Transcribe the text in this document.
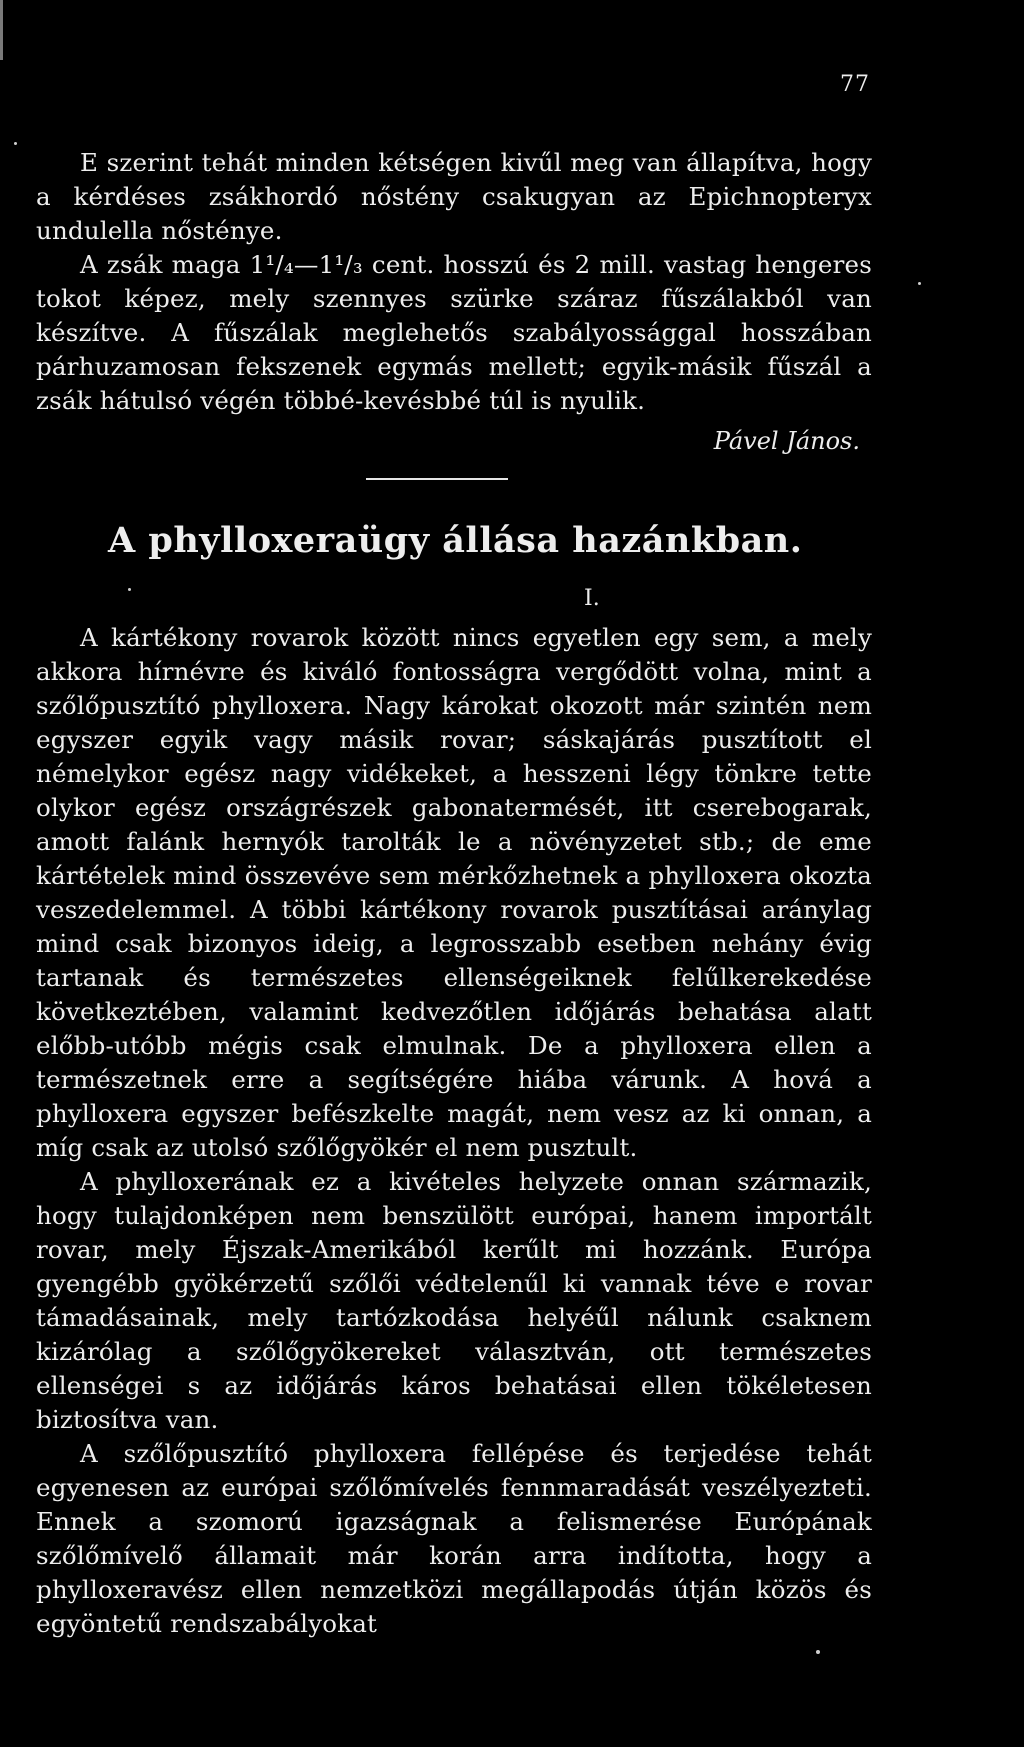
77

E szerint tehát minden kétségen kivűl meg van állapítva, hogy a kérdéses zsákhordó nőstény csakugyan az Epichnopteryx undulella nősténye.

A zsák maga 1¹/₄—1¹/₃ cent. hosszú és 2 mill. vastag hengeres tokot képez, mely szennyes szürke száraz fűszálakból van készítve. A fűszálak meglehetős szabályossággal hosszában párhuzamosan fekszenek egymás mellett; egyik-másik fűszál a zsák hátulsó végén többé-kevésbbé túl is nyulik.

Pável János.
A phylloxeraügy állása hazánkban.
I.

A kártékony rovarok között nincs egyetlen egy sem, a mely akkora hírnévre és kiváló fontosságra vergődött volna, mint a szőlőpusztító phylloxera. Nagy károkat okozott már szintén nem egyszer egyik vagy másik rovar; sáskajárás pusztított el némelykor egész nagy vidékeket, a hesszeni légy tönkre tette olykor egész országrészek gabonatermését, itt cserebogarak, amott falánk hernyók tarolták le a növényzetet stb.; de eme kártételek mind összevéve sem mérkőzhetnek a phylloxera okozta veszedelemmel. A többi kártékony rovarok pusztításai aránylag mind csak bizonyos ideig, a legrosszabb esetben nehány évig tartanak és természetes ellenségeiknek felűlkerekedése következtében, valamint kedvezőtlen időjárás behatása alatt előbb-utóbb mégis csak elmulnak. De a phylloxera ellen a természetnek erre a segítségére hiába várunk. A hová a phylloxera egyszer befészkelte magát, nem vesz az ki onnan, a míg csak az utolsó szőlőgyökér el nem pusztult.

A phylloxerának ez a kivételes helyzete onnan származik, hogy tulajdonképen nem benszülött európai, hanem importált rovar, mely Éjszak-Amerikából kerűlt mi hozzánk. Európa gyengébb gyökérzetű szőlői védtelenűl ki vannak téve e rovar támadásainak, mely tartózkodása helyéűl nálunk csaknem kizárólag a szőlőgyökereket választván, ott természetes ellenségei s az időjárás káros behatásai ellen tökéletesen biztosítva van.

A szőlőpusztító phylloxera fellépése és terjedése tehát egyenesen az európai szőlőmívelés fennmaradását veszélyezteti. Ennek a szomorú igazságnak a felismerése Európának szőlőmívelő államait már korán arra indította, hogy a phylloxeravész ellen nemzetközi megállapodás útján közös és egyöntetű rendszabályokat
